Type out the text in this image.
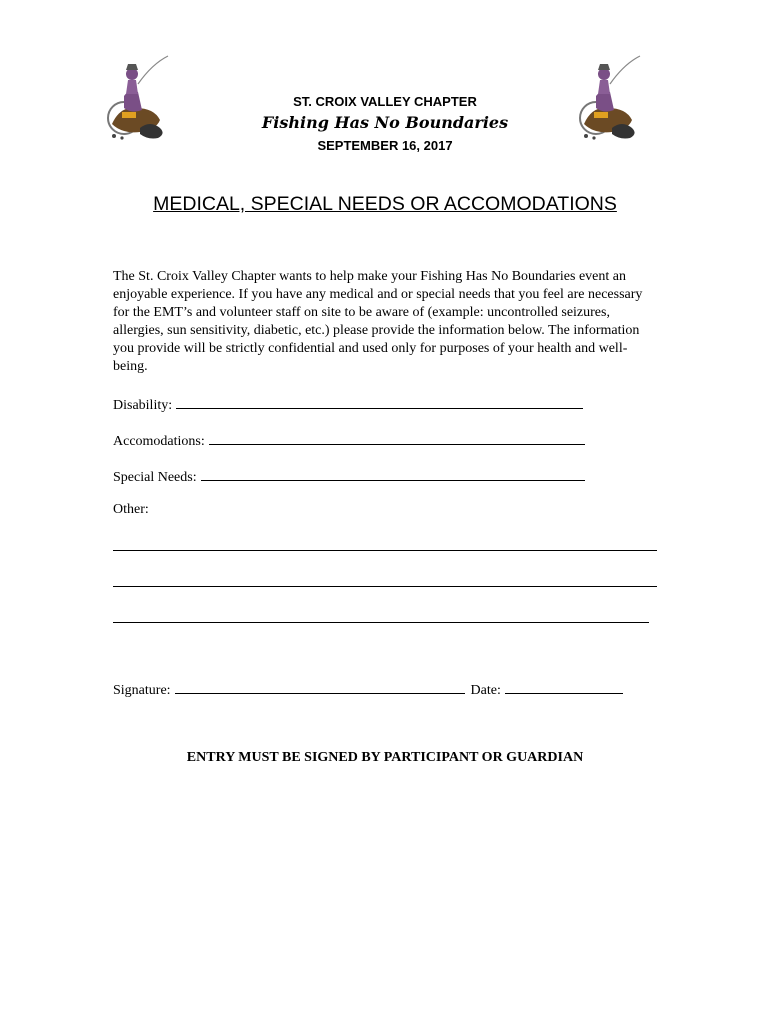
ST. CROIX VALLEY CHAPTER
Fishing Has No Boundaries
SEPTEMBER 16, 2017
MEDICAL, SPECIAL NEEDS OR ACCOMODATIONS

The St. Croix Valley Chapter wants to help make your Fishing Has No Boundaries event an enjoyable experience. If you have any medical and or special needs that you feel are necessary for the EMT’s and volunteer staff on site to be aware of (example: uncontrolled seizures, allergies, sun sensitivity, diabetic, etc.) please provide the information below. The information you provide will be strictly confidential and used only for purposes of your health and well-being.

Disability:
Accomodations:
Special Needs:
Other:
Signature:	Date:
ENTRY MUST BE SIGNED BY PARTICIPANT OR GUARDIAN
